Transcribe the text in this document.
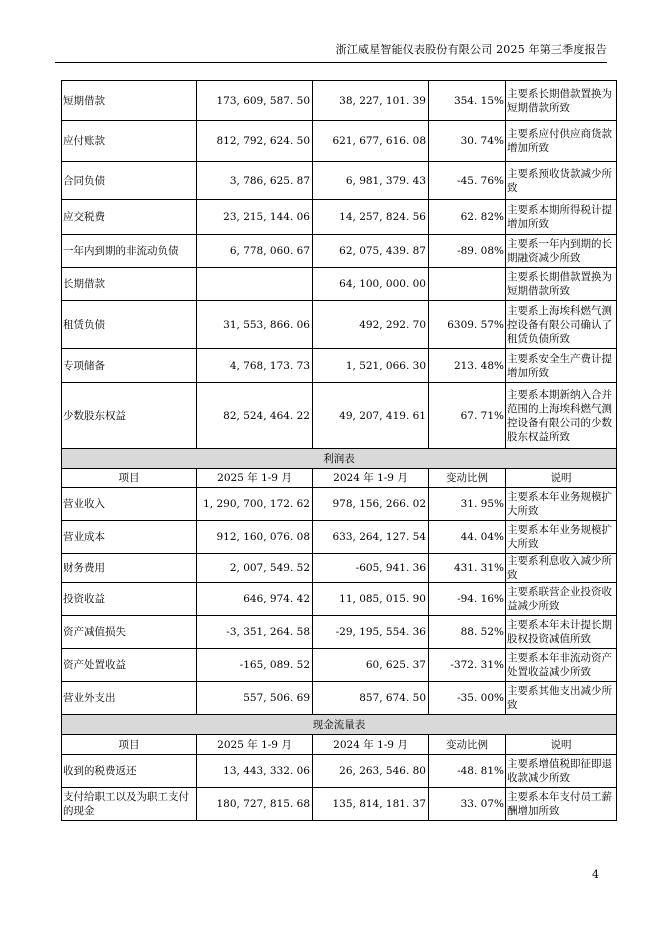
浙江威星智能仪表股份有限公司 2025 年第三季度报告
短期借款	173, 609, 587. 50	38, 227, 101. 39	354. 15%	主要系长期借款置换为短期借款所致
应付账款	812, 792, 624. 50	621, 677, 616. 08	30. 74%	主要系应付供应商货款增加所致
合同负债	3, 786, 625. 87	6, 981, 379. 43	-45. 76%	主要系预收货款减少所致
应交税费	23, 215, 144. 06	14, 257, 824. 56	62. 82%	主要系本期所得税计提增加所致
一年内到期的非流动负债	6, 778, 060. 67	62, 075, 439. 87	-89. 08%	主要系一年内到期的长期融资减少所致
长期借款		64, 100, 000. 00		主要系长期借款置换为短期借款所致
租赁负债	31, 553, 866. 06	492, 292. 70	6309. 57%	主要系上海埃科燃气测控设备有限公司确认了租赁负债所致
专项储备	4, 768, 173. 73	1, 521, 066. 30	213. 48%	主要系安全生产费计提增加所致
少数股东权益	82, 524, 464. 22	49, 207, 419. 61	67. 71%	主要系本期新纳入合并范围的上海埃科燃气测控设备有限公司的少数股东权益所致
利润表				
项目	2025 年 1-9 月	2024 年 1-9 月	变动比例	说明
营业收入	1, 290, 700, 172. 62	978, 156, 266. 02	31. 95%	主要系本年业务规模扩大所致
营业成本	912, 160, 076. 08	633, 264, 127. 54	44. 04%	主要系本年业务规模扩大所致
财务费用	2, 007, 549. 52	-605, 941. 36	431. 31%	主要系利息收入减少所致
投资收益	646, 974. 42	11, 085, 015. 90	-94. 16%	主要系联营企业投资收益减少所致
资产减值损失	-3, 351, 264. 58	-29, 195, 554. 36	88. 52%	主要系本年未计提长期股权投资减值所致
资产处置收益	-165, 089. 52	60, 625. 37	-372. 31%	主要系本年非流动资产处置收益减少所致
营业外支出	557, 506. 69	857, 674. 50	-35. 00%	主要系其他支出减少所致
现金流量表				
项目	2025 年 1-9 月	2024 年 1-9 月	变动比例	说明
收到的税费返还	13, 443, 332. 06	26, 263, 546. 80	-48. 81%	主要系增值税即征即退收款减少所致
支付给职工以及为职工支付的现金	180, 727, 815. 68	135, 814, 181. 37	33. 07%	主要系本年支付员工薪酬增加所致
4
